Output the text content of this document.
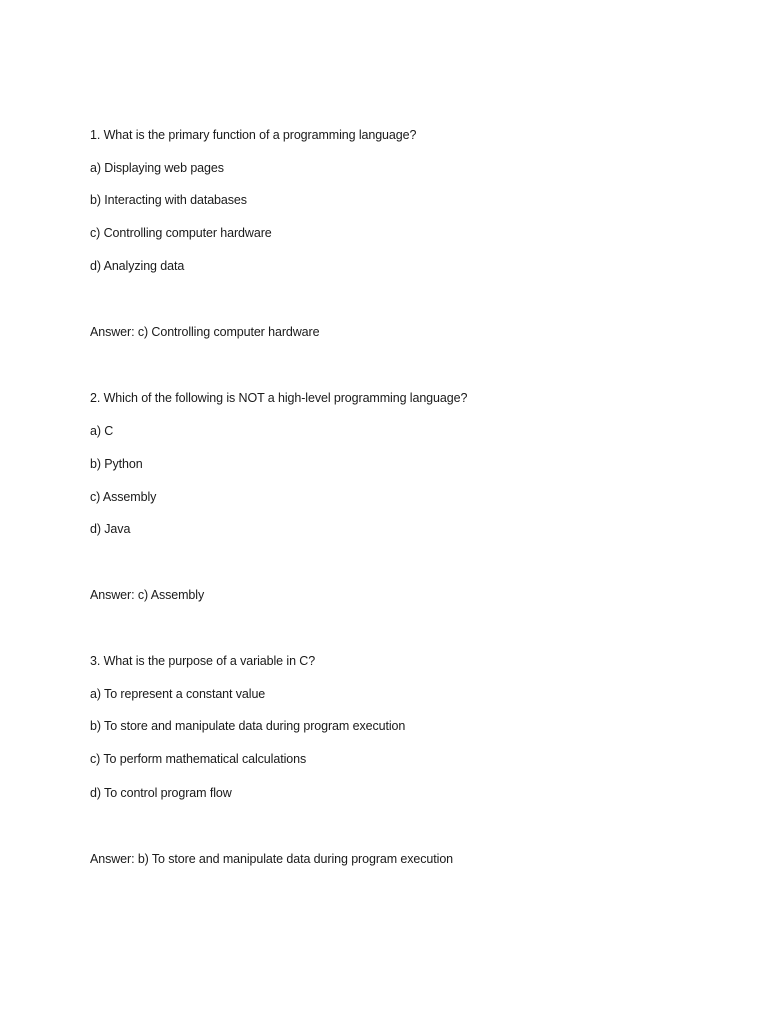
1. What is the primary function of a programming language?
a) Displaying web pages
b) Interacting with databases
c) Controlling computer hardware
d) Analyzing data
Answer: c) Controlling computer hardware
2. Which of the following is NOT a high-level programming language?
a) C
b) Python
c) Assembly
d) Java
Answer: c) Assembly
3. What is the purpose of a variable in C?
a) To represent a constant value
b) To store and manipulate data during program execution
c) To perform mathematical calculations
d) To control program flow
Answer: b) To store and manipulate data during program execution
